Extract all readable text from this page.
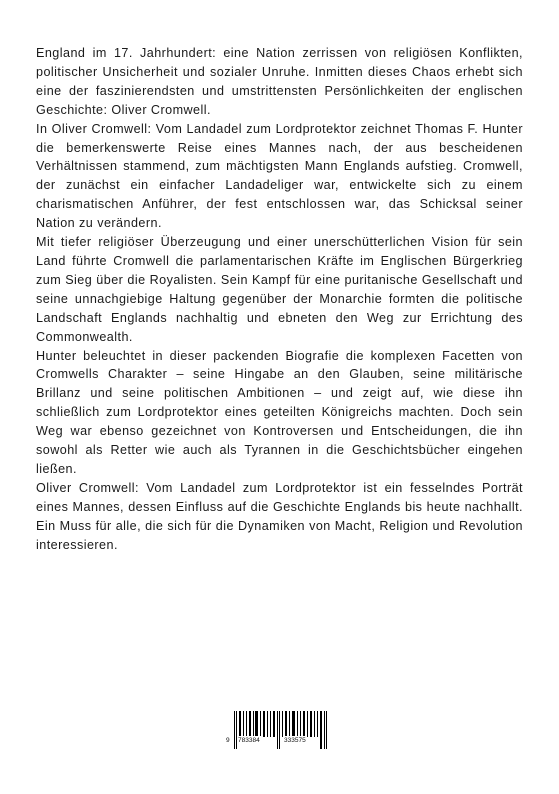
England im 17. Jahrhundert: eine Nation zerrissen von religiösen Konflikten, politischer Unsicherheit und sozialer Unruhe. Inmitten dieses Chaos erhebt sich eine der faszinierendsten und umstrittensten Persönlichkeiten der englischen Geschichte: Oliver Cromwell.

In Oliver Cromwell: Vom Landadel zum Lordprotektor zeichnet Thomas F. Hunter die bemerkenswerte Reise eines Mannes nach, der aus bescheidenen Verhältnissen stammend, zum mächtigsten Mann Englands aufstieg. Cromwell, der zunächst ein einfacher Landadeliger war, entwickelte sich zu einem charismatischen Anführer, der fest entschlossen war, das Schicksal seiner Nation zu verändern.

Mit tiefer religiöser Überzeugung und einer unerschütterlichen Vision für sein Land führte Cromwell die parlamentarischen Kräfte im Englischen Bürgerkrieg zum Sieg über die Royalisten. Sein Kampf für eine puritanische Gesellschaft und seine unnachgiebige Haltung gegenüber der Monarchie formten die politische Landschaft Englands nachhaltig und ebneten den Weg zur Errichtung des Commonwealth.

Hunter beleuchtet in dieser packenden Biografie die komplexen Facetten von Cromwells Charakter – seine Hingabe an den Glauben, seine militärische Brillanz und seine politischen Ambitionen – und zeigt auf, wie diese ihn schließlich zum Lordprotektor eines geteilten Königreichs machten. Doch sein Weg war ebenso gezeichnet von Kontroversen und Entscheidungen, die ihn sowohl als Retter wie auch als Tyrannen in die Geschichtsbücher eingehen ließen.

Oliver Cromwell: Vom Landadel zum Lordprotektor ist ein fesselndes Porträt eines Mannes, dessen Einfluss auf die Geschichte Englands bis heute nachhallt. Ein Muss für alle, die sich für die Dynamiken von Macht, Religion und Revolution interessieren.

9 783384	333575
